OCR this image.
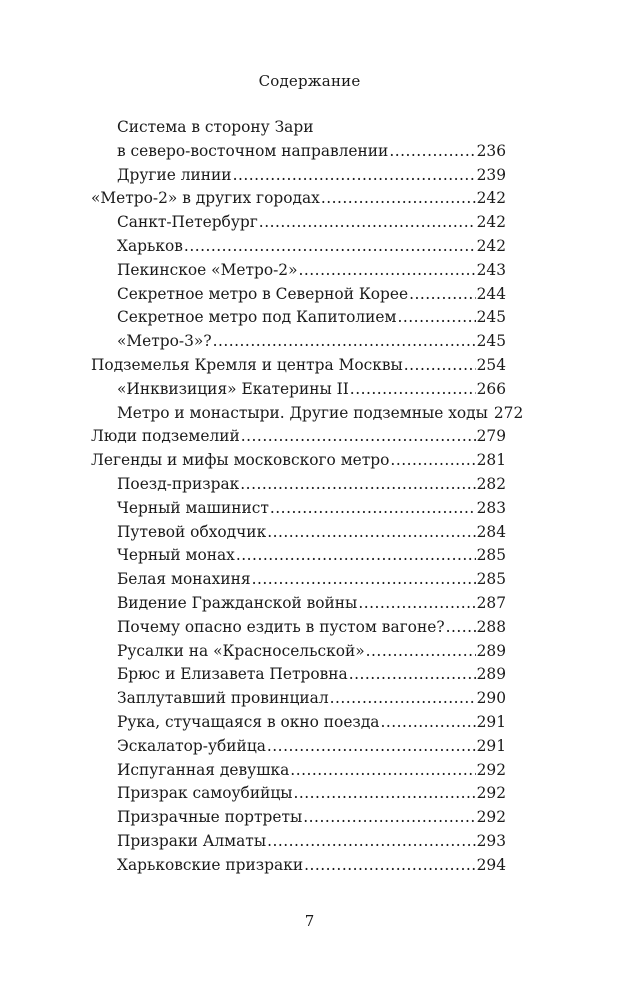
Содержание
Система в сторону Зари
в северо-восточном направлении .....	236
Другие линии .....	239
«Метро-2» в других городах .....	242
Санкт-Петербург .....	242
Харьков .....	242
Пекинское «Метро-2» .....	243
Секретное метро в Северной Корее .....	244
Секретное метро под Капитолием .....	245
«Метро-3»? .....	245
Подземелья Кремля и центра Москвы .....	254
«Инквизиция» Екатерины II .....	266
Метро и монастыри. Другие подземные ходы 272
Люди подземелий .....	279
Легенды и мифы московского метро .....	281
Поезд-призрак .....	282
Черный машинист .....	283
Путевой обходчик .....	284
Черный монах .....	285
Белая монахиня .....	285
Видение Гражданской войны .....	287
Почему опасно ездить в пустом вагоне? ..... 288
Русалки на «Красносельской» .....	289
Брюс и Елизавета Петровна .....	289
Заплутавший провинциал .....	290
Рука, стучащаяся в окно поезда .....	291
Эскалатор-убийца .....	291
Испуганная девушка .....	292
Призрак самоубийцы .....	292
Призрачные портреты .....	292
Призраки Алматы .....	293
Харьковские призраки .....	294
7
